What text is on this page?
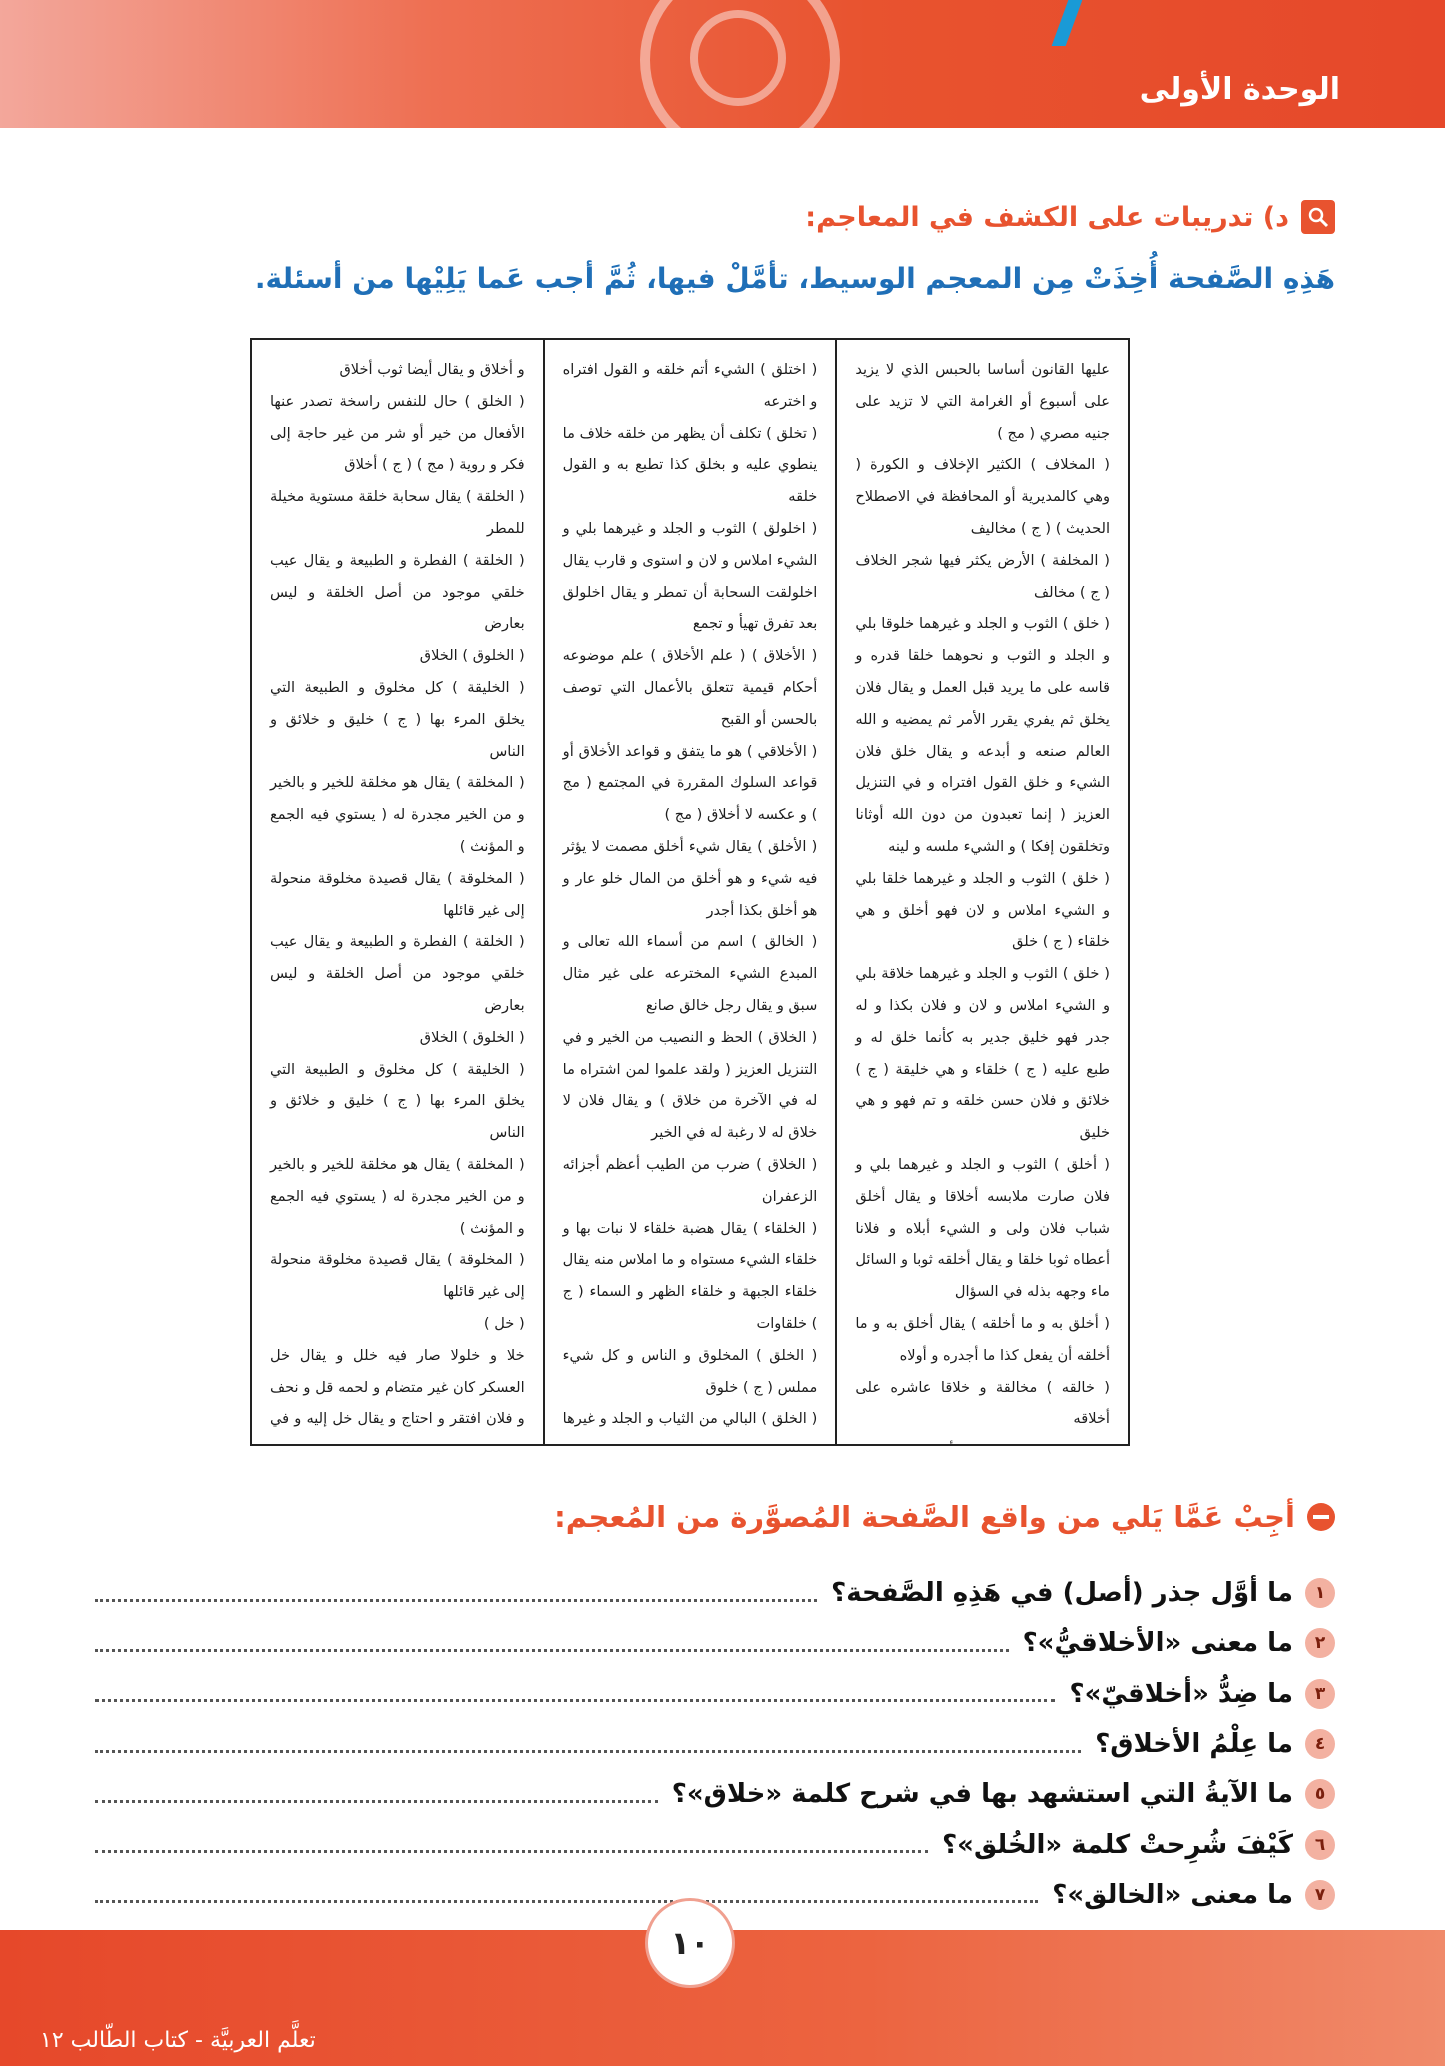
الوحدة الأولى
د) تدريبات على الكشف في المعاجم:
هَذِهِ الصَّفحة أُخِذَتْ مِن المعجم الوسيط، تأمَّلْ فيها، ثُمَّ أجب عَما يَلِيْها من أسئلة.

عليها القانون أساسا بالحبس الذي لا يزيد على أسبوع أو الغرامة التي لا تزيد على جنيه مصري ( مج )

( المخلاف ) الكثير الإخلاف و الكورة ( وهي كالمديرية أو المحافظة في الاصطلاح الحديث ) ( ج ) مخاليف

( المخلفة ) الأرض يكثر فيها شجر الخلاف ( ج ) مخالف

( خلق ) الثوب و الجلد و غيرهما خلوقا بلي و الجلد و الثوب و نحوهما خلقا قدره و قاسه على ما يريد قبل العمل و يقال فلان يخلق ثم يفري يقرر الأمر ثم يمضيه و الله العالم صنعه و أبدعه و يقال خلق فلان الشيء و خلق القول افتراه و في التنزيل العزيز ( إنما تعبدون من دون الله أوثانا وتخلقون إفكا ) و الشيء ملسه و لينه

( خلق ) الثوب و الجلد و غيرهما خلقا بلي و الشيء املاس و لان فهو أخلق و هي خلقاء ( ج ) خلق

( خلق ) الثوب و الجلد و غيرهما خلاقة بلي و الشيء املاس و لان و فلان بكذا و له جدر فهو خليق جدير به كأنما خلق له و طبع عليه ( ج ) خلقاء و هي خليقة ( ج ) خلائق و فلان حسن خلقه و تم فهو و هي خليق

( أخلق ) الثوب و الجلد و غيرهما بلي و فلان صارت ملابسه أخلاقا و يقال أخلق شباب فلان ولى و الشيء أبلاه و فلانا أعطاه ثوبا خلقا و يقال أخلقه ثوبا و السائل ماء وجهه بذله في السؤال

( أخلق به و ما أخلقه ) يقال أخلق به و ما أخلقه أن يفعل كذا ما أجدره و أولاه

( خالقه ) مخالقة و خلاقا عاشره على أخلاقه

( اختلق ) الشيء أتم خلقه و القول افتراه و اخترعه

( تخلق ) تكلف أن يظهر من خلقه خلاف ما ينطوي عليه و بخلق كذا تطبع به و القول خلقه

( اخلولق ) الثوب و الجلد و غيرهما بلي و الشيء املاس و لان و استوى و قارب يقال اخلولقت السحابة أن تمطر و يقال اخلولق بعد تفرق تهيأ و تجمع

( الأخلاق ) ( علم الأخلاق ) علم موضوعه أحكام قيمية تتعلق بالأعمال التي توصف بالحسن أو القبح

( الأخلاقي ) هو ما يتفق و قواعد الأخلاق أو قواعد السلوك المقررة في المجتمع ( مج ) و عكسه لا أخلاق ( مج )

( الأخلق ) يقال شيء أخلق مصمت لا يؤثر فيه شيء و هو أخلق من المال خلو عار و هو أخلق بكذا أجدر

( الخالق ) اسم من أسماء الله تعالى و المبدع الشيء المخترعه على غير مثال سبق و يقال رجل خالق صانع

( الخلاق ) الحظ و النصيب من الخير و في التنزيل العزيز ( ولقد علموا لمن اشتراه ما له في الآخرة من خلاق ) و يقال فلان لا خلاق له لا رغبة له في الخير

( الخلاق ) ضرب من الطيب أعظم أجزائه الزعفران

( الخلقاء ) يقال هضبة خلقاء لا نبات بها و خلقاء الشيء مستواه و ما املاس منه يقال خلقاء الجبهة و خلقاء الظهر و السماء ( ج ) خلقاوات

( الخلق ) المخلوق و الناس و كل شيء مملس ( ج ) خلوق

( الخلق ) البالي من الثياب و الجلد و غيرها

و أخلاق و يقال أيضا ثوب أخلاق

( الخلق ) حال للنفس راسخة تصدر عنها الأفعال من خير أو شر من غير حاجة إلى فكر و روية ( مج ) ( ج ) أخلاق

( الخلقة ) يقال سحابة خلقة مستوية مخيلة للمطر

( الخلقة ) الفطرة و الطبيعة و يقال عيب خلقي موجود من أصل الخلقة و ليس بعارض

( الخلوق ) الخلاق

( الخليقة ) كل مخلوق و الطبيعة التي يخلق المرء بها ( ج ) خليق و خلائق و الناس

( المخلقة ) يقال هو مخلقة للخير و بالخير و من الخير مجدرة له ( يستوي فيه الجمع و المؤنث )

( المخلوقة ) يقال قصيدة مخلوقة منحولة إلى غير قائلها

( الخلقة ) الفطرة و الطبيعة و يقال عيب خلقي موجود من أصل الخلقة و ليس بعارض

( الخلوق ) الخلاق

( الخليقة ) كل مخلوق و الطبيعة التي يخلق المرء بها ( ج ) خليق و خلائق و الناس

( المخلقة ) يقال هو مخلقة للخير و بالخير و من الخير مجدرة له ( يستوي فيه الجمع و المؤنث )

( المخلوقة ) يقال قصيدة مخلوقة منحولة إلى غير قائلها

( خل )

خلا و خلولا صار فيه خلل و يقال خل العسكر كان غير متضام و لحمه قل و نحف و فلان افتقر و احتاج و يقال خل إليه و في

أجِبْ عَمَّا يَلي من واقع الصَّفحة المُصوَّرة من المُعجم:
١
ما أوَّل جذر (أصل) في هَذِهِ الصَّفحة؟
٢
ما معنى «الأخلاقيُّ»؟
٣
ما ضِدُّ «أخلاقيّ»؟
٤
ما عِلْمُ الأخلاق؟
٥
ما الآيةُ التي استشهد بها في شرح كلمة «خلاق»؟
٦
كَيْفَ شُرِحتْ كلمة «الخُلق»؟
٧
ما معنى «الخالق»؟
١٠
تعلَّم العربيَّة - كتاب الطّالب ١٢
